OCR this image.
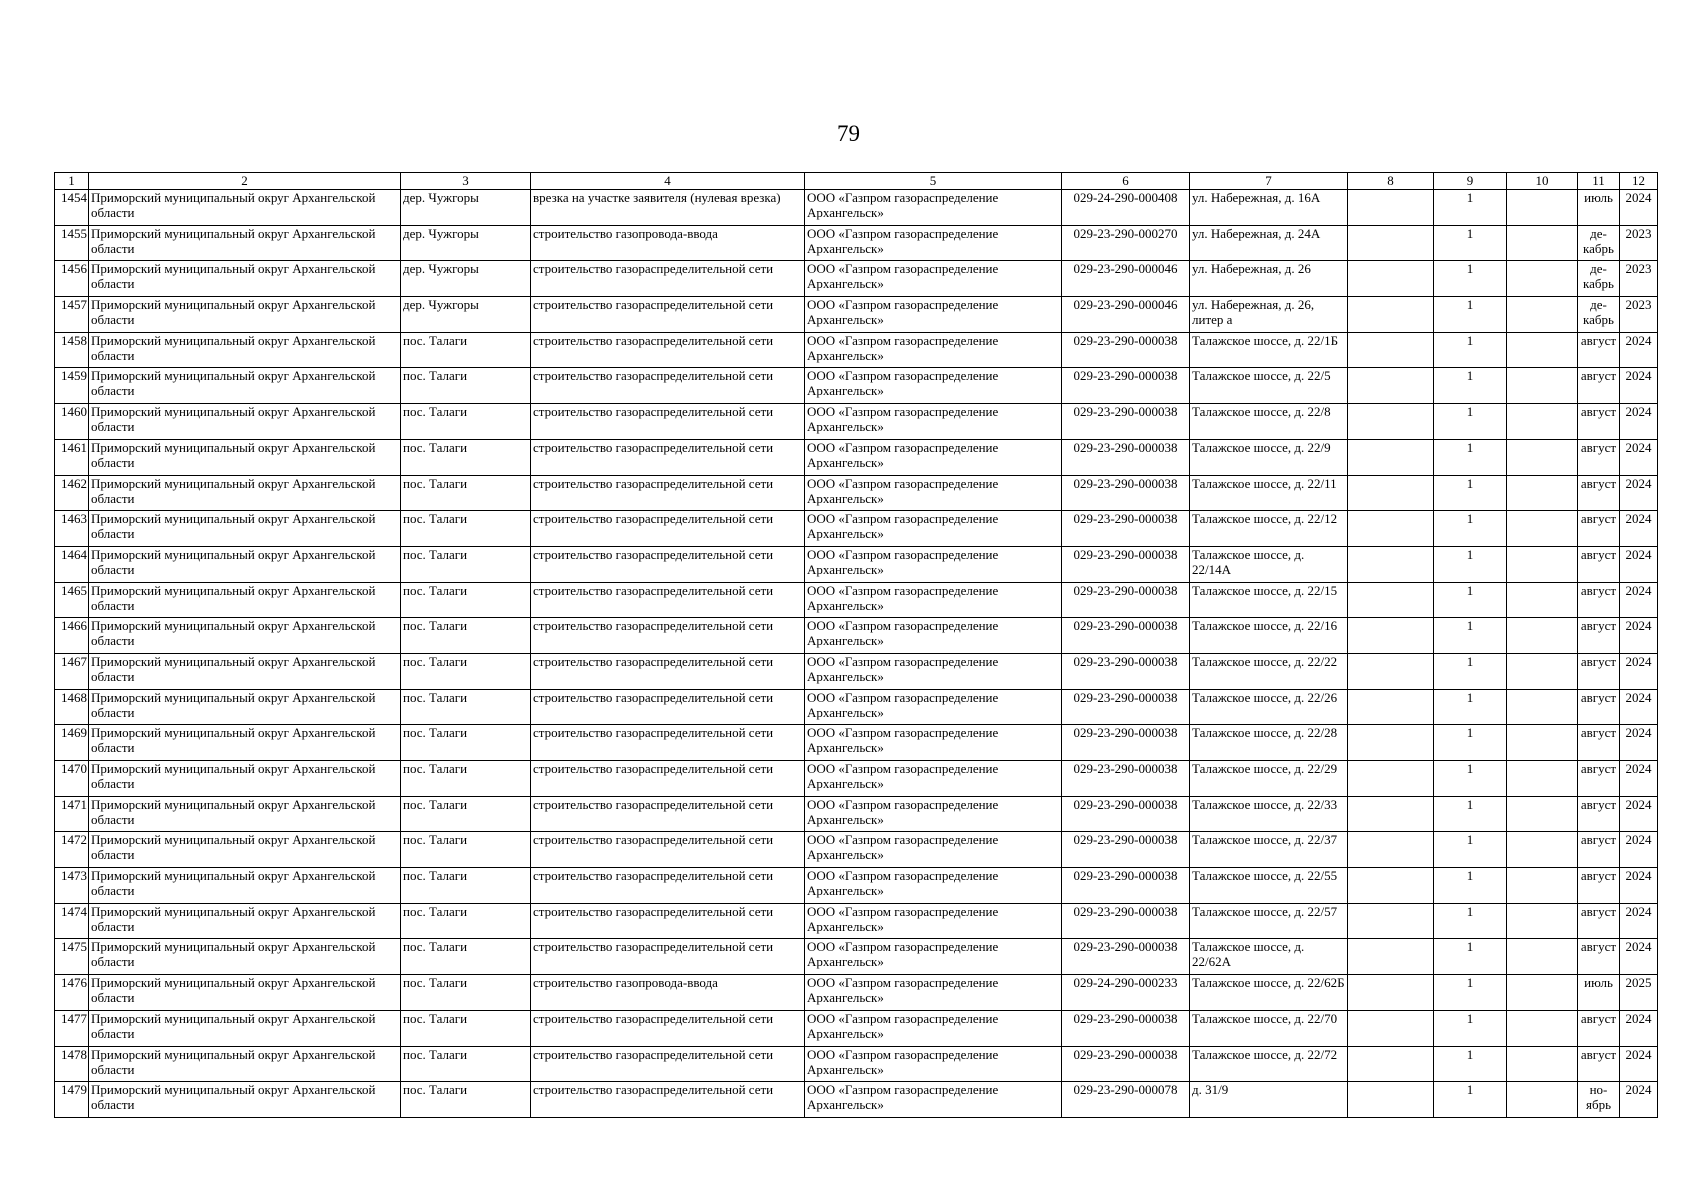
79
1	2	3	4	5	6	7	8	9	10	11	12
1454	Приморский муниципальный округ Архангельской области	дер. Чужгоры	врезка на участке заявителя (нулевая врезка)	ООО «Газпром газораспределение Архангельск»	029-24-290-000408	ул. Набережная, д. 16А		1		июль	2024
1455	Приморский муниципальный округ Архангельской области	дер. Чужгоры	строительство газопровода-ввода	ООО «Газпром газораспределение Архангельск»	029-23-290-000270	ул. Набережная, д. 24А		1		де-кабрь	2023
1456	Приморский муниципальный округ Архангельской области	дер. Чужгоры	строительство газораспределительной сети	ООО «Газпром газораспределение Архангельск»	029-23-290-000046	ул. Набережная, д. 26		1		де-кабрь	2023
1457	Приморский муниципальный округ Архангельской области	дер. Чужгоры	строительство газораспределительной сети	ООО «Газпром газораспределение Архангельск»	029-23-290-000046	ул. Набережная, д. 26, литер а		1		де-кабрь	2023
1458	Приморский муниципальный округ Архангельской области	пос. Талаги	строительство газораспределительной сети	ООО «Газпром газораспределение Архангельск»	029-23-290-000038	Талажское шоссе, д. 22/1Б		1		август	2024
1459	Приморский муниципальный округ Архангельской области	пос. Талаги	строительство газораспределительной сети	ООО «Газпром газораспределение Архангельск»	029-23-290-000038	Талажское шоссе, д. 22/5		1		август	2024
1460	Приморский муниципальный округ Архангельской области	пос. Талаги	строительство газораспределительной сети	ООО «Газпром газораспределение Архангельск»	029-23-290-000038	Талажское шоссе, д. 22/8		1		август	2024
1461	Приморский муниципальный округ Архангельской области	пос. Талаги	строительство газораспределительной сети	ООО «Газпром газораспределение Архангельск»	029-23-290-000038	Талажское шоссе, д. 22/9		1		август	2024
1462	Приморский муниципальный округ Архангельской области	пос. Талаги	строительство газораспределительной сети	ООО «Газпром газораспределение Архангельск»	029-23-290-000038	Талажское шоссе, д. 22/11		1		август	2024
1463	Приморский муниципальный округ Архангельской области	пос. Талаги	строительство газораспределительной сети	ООО «Газпром газораспределение Архангельск»	029-23-290-000038	Талажское шоссе, д. 22/12		1		август	2024
1464	Приморский муниципальный округ Архангельской области	пос. Талаги	строительство газораспределительной сети	ООО «Газпром газораспределение Архангельск»	029-23-290-000038	Талажское шоссе, д. 22/14А		1		август	2024
1465	Приморский муниципальный округ Архангельской области	пос. Талаги	строительство газораспределительной сети	ООО «Газпром газораспределение Архангельск»	029-23-290-000038	Талажское шоссе, д. 22/15		1		август	2024
1466	Приморский муниципальный округ Архангельской области	пос. Талаги	строительство газораспределительной сети	ООО «Газпром газораспределение Архангельск»	029-23-290-000038	Талажское шоссе, д. 22/16		1		август	2024
1467	Приморский муниципальный округ Архангельской области	пос. Талаги	строительство газораспределительной сети	ООО «Газпром газораспределение Архангельск»	029-23-290-000038	Талажское шоссе, д. 22/22		1		август	2024
1468	Приморский муниципальный округ Архангельской области	пос. Талаги	строительство газораспределительной сети	ООО «Газпром газораспределение Архангельск»	029-23-290-000038	Талажское шоссе, д. 22/26		1		август	2024
1469	Приморский муниципальный округ Архангельской области	пос. Талаги	строительство газораспределительной сети	ООО «Газпром газораспределение Архангельск»	029-23-290-000038	Талажское шоссе, д. 22/28		1		август	2024
1470	Приморский муниципальный округ Архангельской области	пос. Талаги	строительство газораспределительной сети	ООО «Газпром газораспределение Архангельск»	029-23-290-000038	Талажское шоссе, д. 22/29		1		август	2024
1471	Приморский муниципальный округ Архангельской области	пос. Талаги	строительство газораспределительной сети	ООО «Газпром газораспределение Архангельск»	029-23-290-000038	Талажское шоссе, д. 22/33		1		август	2024
1472	Приморский муниципальный округ Архангельской области	пос. Талаги	строительство газораспределительной сети	ООО «Газпром газораспределение Архангельск»	029-23-290-000038	Талажское шоссе, д. 22/37		1		август	2024
1473	Приморский муниципальный округ Архангельской области	пос. Талаги	строительство газораспределительной сети	ООО «Газпром газораспределение Архангельск»	029-23-290-000038	Талажское шоссе, д. 22/55		1		август	2024
1474	Приморский муниципальный округ Архангельской области	пос. Талаги	строительство газораспределительной сети	ООО «Газпром газораспределение Архангельск»	029-23-290-000038	Талажское шоссе, д. 22/57		1		август	2024
1475	Приморский муниципальный округ Архангельской области	пос. Талаги	строительство газораспределительной сети	ООО «Газпром газораспределение Архангельск»	029-23-290-000038	Талажское шоссе, д. 22/62А		1		август	2024
1476	Приморский муниципальный округ Архангельской области	пос. Талаги	строительство газопровода-ввода	ООО «Газпром газораспределение Архангельск»	029-24-290-000233	Талажское шоссе, д. 22/62Б		1		июль	2025
1477	Приморский муниципальный округ Архангельской области	пос. Талаги	строительство газораспределительной сети	ООО «Газпром газораспределение Архангельск»	029-23-290-000038	Талажское шоссе, д. 22/70		1		август	2024
1478	Приморский муниципальный округ Архангельской области	пос. Талаги	строительство газораспределительной сети	ООО «Газпром газораспределение Архангельск»	029-23-290-000038	Талажское шоссе, д. 22/72		1		август	2024
1479	Приморский муниципальный округ Архангельской области	пос. Талаги	строительство газораспределительной сети	ООО «Газпром газораспределение Архангельск»	029-23-290-000078	д. 31/9		1		но-ябрь	2024
